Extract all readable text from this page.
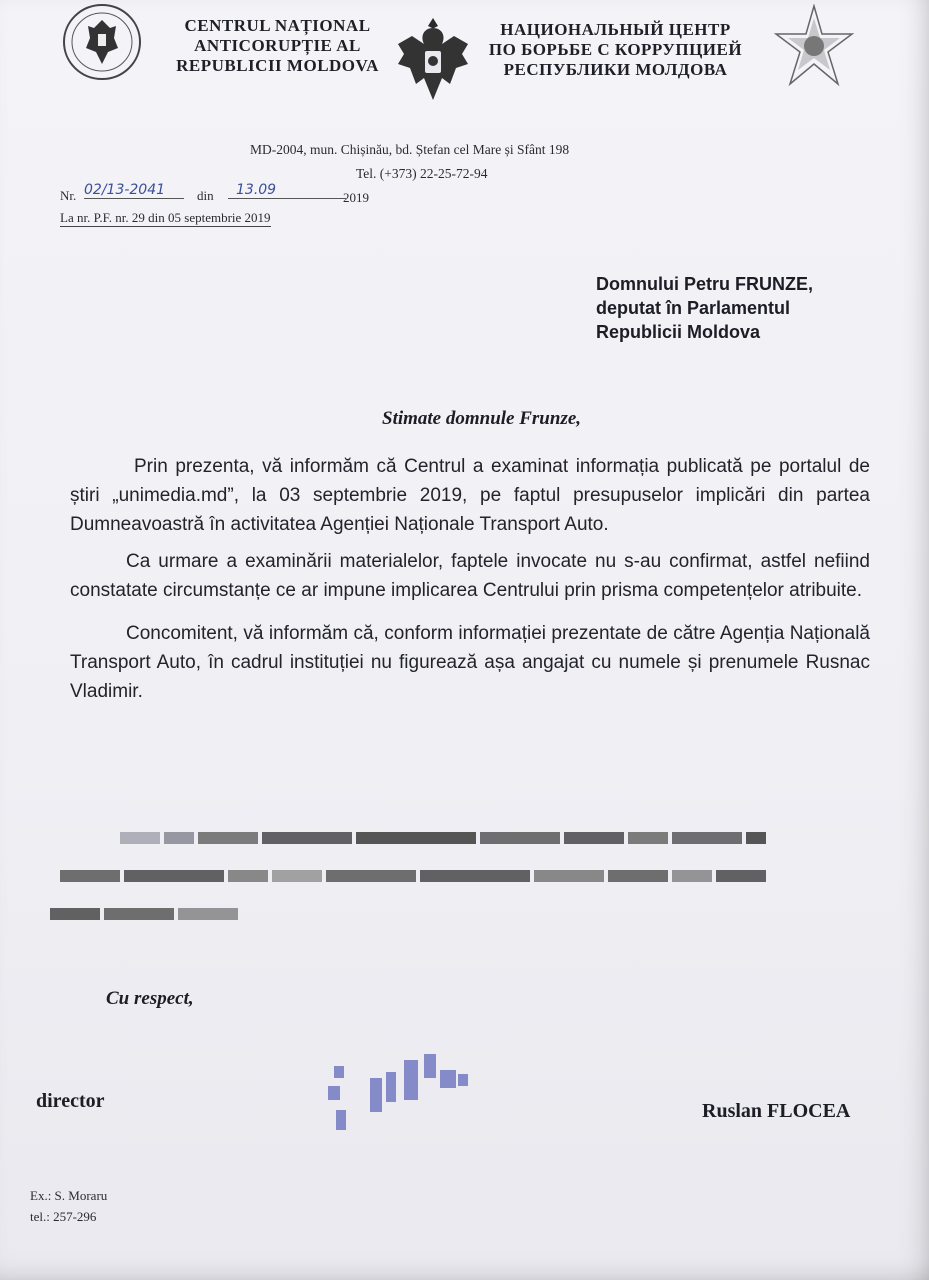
CENTRUL NAȚIONAL
ANTICORUPȚIE AL
REPUBLICII MOLDOVA
НАЦИОНАЛЬНЫЙ ЦЕНТР
ПО БОРЬБЕ С КОРРУПЦИЕЙ
РЕСПУБЛИКИ МОЛДОВА
MD-2004, mun. Chișinău, bd. Ștefan cel Mare și Sfânt 198
Tel. (+373) 22-25-72-94
Nr. 02/13-2041	din	13.09	2019
La nr. P.F. nr. 29 din 05 septembrie 2019
Domnului Petru FRUNZE,
deputat în Parlamentul
Republicii Moldova
Stimate domnule Frunze,

Prin prezenta, vă informăm că Centrul a examinat informația publicată pe portalul de știri „unimedia.md”, la 03 septembrie 2019, pe faptul presupuselor implicări din partea Dumneavoastră în activitatea Agenției Naționale Transport Auto.

Ca urmare a examinării materialelor, faptele invocate nu s-au confirmat, astfel nefiind constatate circumstanțe ce ar impune implicarea Centrului prin prisma competențelor atribuite.

Concomitent, vă informăm că, conform informației prezentate de către Agenția Națională Transport Auto, în cadrul instituției nu figurează așa angajat cu numele și prenumele Rusnac Vladimir.

Cu respect,
director	Ruslan FLOCEA
Ex.: S. Moraru
tel.: 257-296
